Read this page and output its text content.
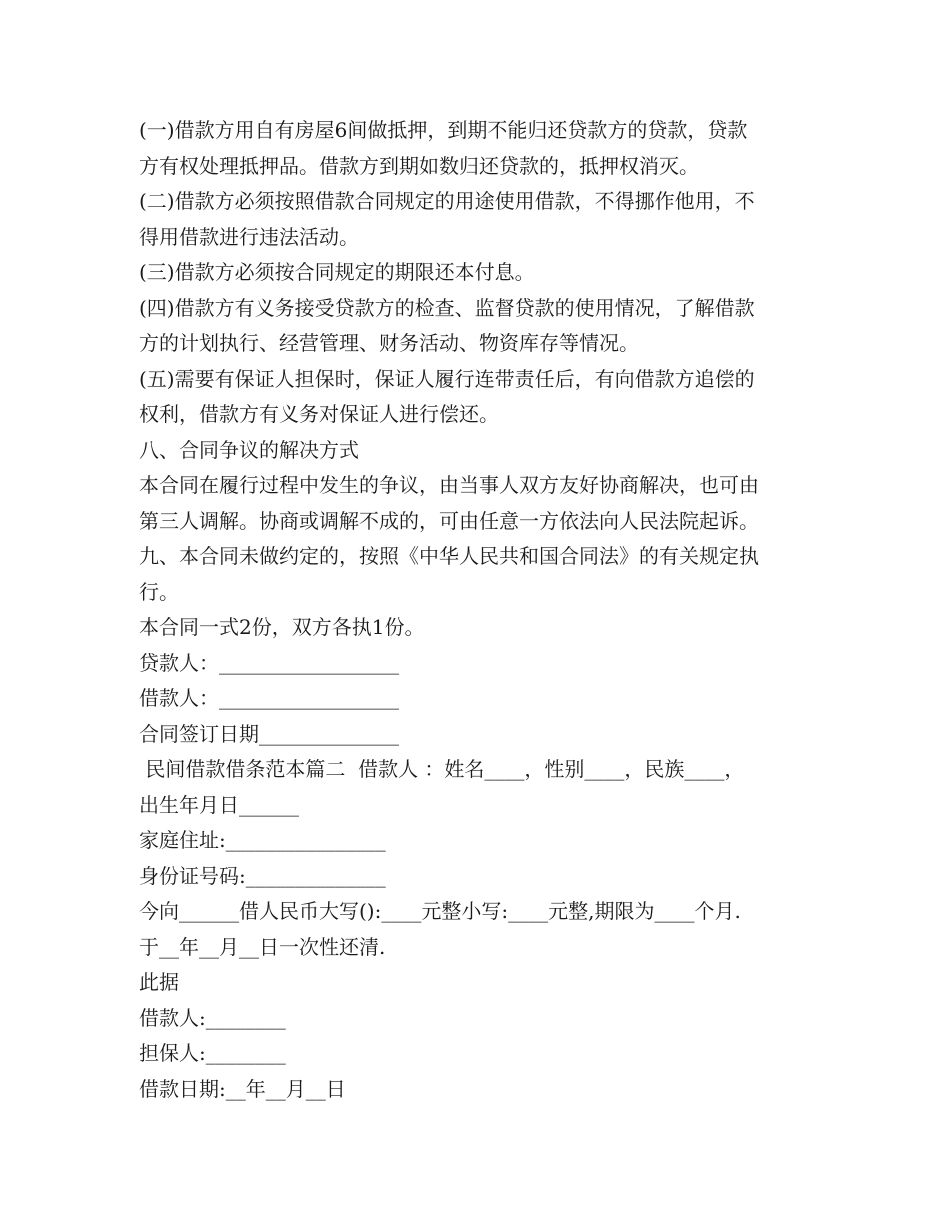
(一)借款方用自有房屋6间做抵押，到期不能归还贷款方的贷款，贷款
方有权处理抵押品。借款方到期如数归还贷款的，抵押权消灭。
(二)借款方必须按照借款合同规定的用途使用借款，不得挪作他用，不
得用借款进行违法活动。
(三)借款方必须按合同规定的期限还本付息。
(四)借款方有义务接受贷款方的检查、监督贷款的使用情况，了解借款
方的计划执行、经营管理、财务活动、物资库存等情况。
(五)需要有保证人担保时，保证人履行连带责任后，有向借款方追偿的
权利，借款方有义务对保证人进行偿还。
八、合同争议的解决方式
本合同在履行过程中发生的争议，由当事人双方友好协商解决，也可由
第三人调解。协商或调解不成的，可由任意一方依法向人民法院起诉。
九、本合同未做约定的，按照《中华人民共和国合同法》的有关规定执
行。
本合同一式2份，双方各执1份。
贷款人：__________________
借款人：__________________
合同签订日期______________
民间借款借条范本篇二  借款人 ：姓名____，性别____，民族____，
出生年月日______
家庭住址:________________
身份证号码:______________
今向______借人民币大写():____元整小写:____元整,期限为____个月.
于__年__月__日一次性还清.
此据
借款人:________
担保人:________
借款日期:__年__月__日
